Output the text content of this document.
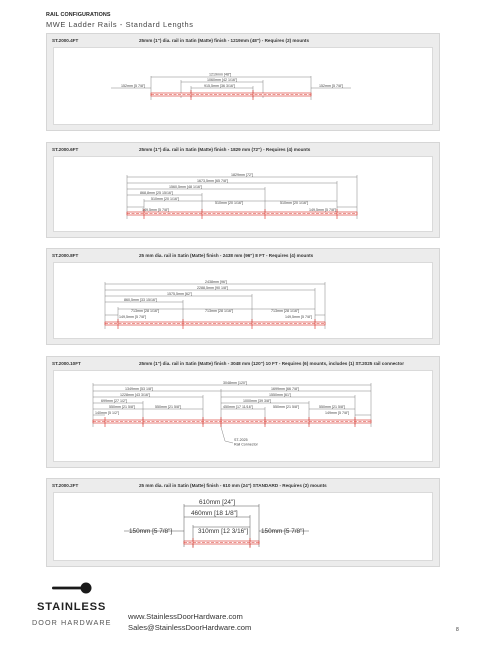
RAIL CONFIGURATIONS
MWE Ladder Rails - Standard Lengths
ST.2000.4FT	25mm (1") dia. rail in Satin (Matte) finish - 1219mm (48") - Requires (2) mounts
1219mm [48"]
1060mm [42 1/16"]
915,5mm [36 3/16"]
152mm [5 7/8"]	152mm [5 7/8"]
ST.2000.6FT	25mm (1") dia. rail in Satin (Matte) finish - 1829 mm (72") - Requires (4) mounts
1829mm [72"]
1673,5mm [65 7/8"]
1560,5mm [48 1/16"]
868,8mm [25 15/16"]
510mm [20 1/16"]
510mm [20 1/16"]	510mm [20 1/16"]
149,5mm [5 7/8"]	149,5mm [5 7/8"]
ST.2000.8FT	25 mm dia. rail in Satin (Matte) finish - 2438 mm (96") 8 FT - Requires (4) mounts
2438mm [96"]
2288,5mm [90 1/8"]
1575,5mm [62"]
860,5mm [33 15/16"]
713mm [28 1/16"]	713mm [28 1/16"]	713mm [28 1/16"]
149,5mm [5 7/8"]	149,5mm [5 7/8"]
ST.2000.10FT	25mm (1") dia. rail in Satin (Matte) finish - 3048 mm (120") 10 FT - Requires (6) mounts, includes (1) ST.2025 rail connector
3048mm [120"]
1349mm [53 1/8"]
1228mm [43 3/16"]
699mm [27 1/2"]
550mm [21 5/8"]	550mm [21 5/8"]
140mm [5 1/2"]
1699mm [66 7/8"]
1550mm [61"]
1000mm [39 3/8"]
450mm [17 11/16"]	550mm [21 5/8"]	550mm [21 5/8"]
149mm [5 7/8"]
ST-2025
Rail Connector
ST.2000.2FT	25 mm dia. rail in Satin (Matte) finish - 610 mm (24") STANDARD - Requires (2) mounts
610mm [24"]
460mm [18 1/8"]
310mm [12 3/16"]
150mm [5 7/8"]	150mm [5 7/8"]
STAINLESS
DOOR HARDWARE
www.StainlessDoorHardware.com
Sales@StainlessDoorHardware.com	8
